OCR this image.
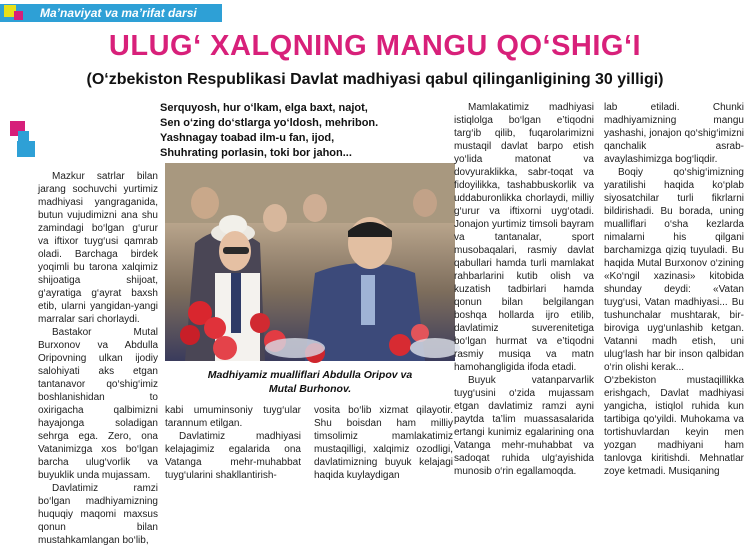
Ma’naviyat va ma’rifat darsi
ULUG‘ XALQNING MANGU QO‘SHIG‘I
(O‘zbekiston Respublikasi Davlat madhiyasi qabul qilinganligining 30 yilligi)
Serquyosh, hur o‘lkam, elga baxt, najot,
Sen o‘zing do‘stlarga yo‘ldosh, mehribon.
Yashnagay toabad ilm-u fan, ijod,
Shuhrating porlasin, toki bor jahon...

Mazkur satrlar bilan jarang sochuvchi yurtimiz madhiyasi yangraganida, butun vujudimizni ana shu zamindagi bo‘lgan g‘urur va iftixor tuyg‘usi qamrab oladi. Barchaga birdek yoqimli bu tarona xalqimiz shijoatiga shijoat, g‘ayratiga g‘ayrat baxsh etib, ularni yangidan-yangi marralar sari chorlaydi.

Bastakor Mutal Burxonov va Abdulla Oripovning ulkan ijodiy salohiyati aks etgan tantanavor qo‘shig‘imiz boshlanishidan to oxirigacha qalbimizni hayajonga soladigan sehrga ega. Zero, ona Vatanimizga xos bo‘lgan barcha ulug‘vorlik va buyuklik unda mujassam.

Davlatimiz ramzi bo‘lgan madhiyamizning huquqiy maqomi maxsus qonun bilan mustahkamlangan bo‘lib,

Madhiyamiz mualliflari Abdulla Oripov va
Mutal Burhonov.

kabi umuminsoniy tuyg‘ular tarannum etilgan.

Davlatimiz madhiyasi kelajagimiz egalarida ona Vatanga mehr-muhabbat tuyg‘ularini shakllantirish-

vosita bo‘lib xizmat qilayotir. Shu boisdan ham milliy timsolimiz mamlakatimiz mustaqilligi, xalqimiz ozodligi, davlatimizning buyuk kelajagi haqida kuylaydigan

Mamlakatimiz madhiyasi istiqlolga bo‘lgan e’tiqodni targ‘ib qilib, fuqarolarimizni mustaqil davlat barpo etish yo‘lida matonat va dovyuraklikka, sabr-toqat va fidoyilikka, tashabbuskorlik va uddaburonlikka chorlaydi, milliy g‘urur va iftixorni uyg‘otadi. Jonajon yurtimiz timsoli bayram va tantanalar, sport musobaqalari, rasmiy davlat qabullari hamda turli mamlakat rahbarlarini kutib olish va kuzatish tadbirlari hamda qonun bilan belgilangan boshqa hollarda ijro etilib, davlatimiz suverenitetiga bo‘lgan hurmat va e’tiqodni rasmiy musiqa va matn hamohangligida ifoda etadi.

Buyuk vatanparvarlik tuyg‘usini o‘zida mujassam etgan davlatimiz ramzi ayni paytda ta’lim muassasalarida ertangi kunimiz egalarining ona Vatanga mehr-muhabbat va sadoqat ruhida ulg‘ayishida munosib o‘rin egallamoqda.

lab etiladi. Chunki madhiyamizning mangu yashashi, jonajon qo‘shig‘imizni qanchalik asrab-avaylashimizga bog‘liqdir.

Boqiy qo‘shig‘imizning yaratilishi haqida ko‘plab siyosatchilar turli fikrlarni bildirishadi. Bu borada, uning mualliflari o‘sha kezlarda nimalarni his qilgani barchamizga qiziq tuyuladi. Bu haqida Mutal Burxonov o‘zining «Ko‘ngil xazinasi» kitobida shunday deydi: «Vatan tuyg‘usi, Vatan madhiyasi... Bu tushunchalar mushtarak, bir-biroviga uyg‘unlashib ketgan. Vatanni madh etish, uni ulug‘lash har bir inson qalbidan o‘rin olishi kerak...

O‘zbekiston mustaqillikka erishgach, Davlat madhiyasi yangicha, istiqlol ruhida kun tartibiga qo‘yildi. Muhokama va tortishuvlardan keyin men yozgan madhiyani ham tanlovga kiritishdi. Mehnatlar zoye ketmadi. Musiqaning
